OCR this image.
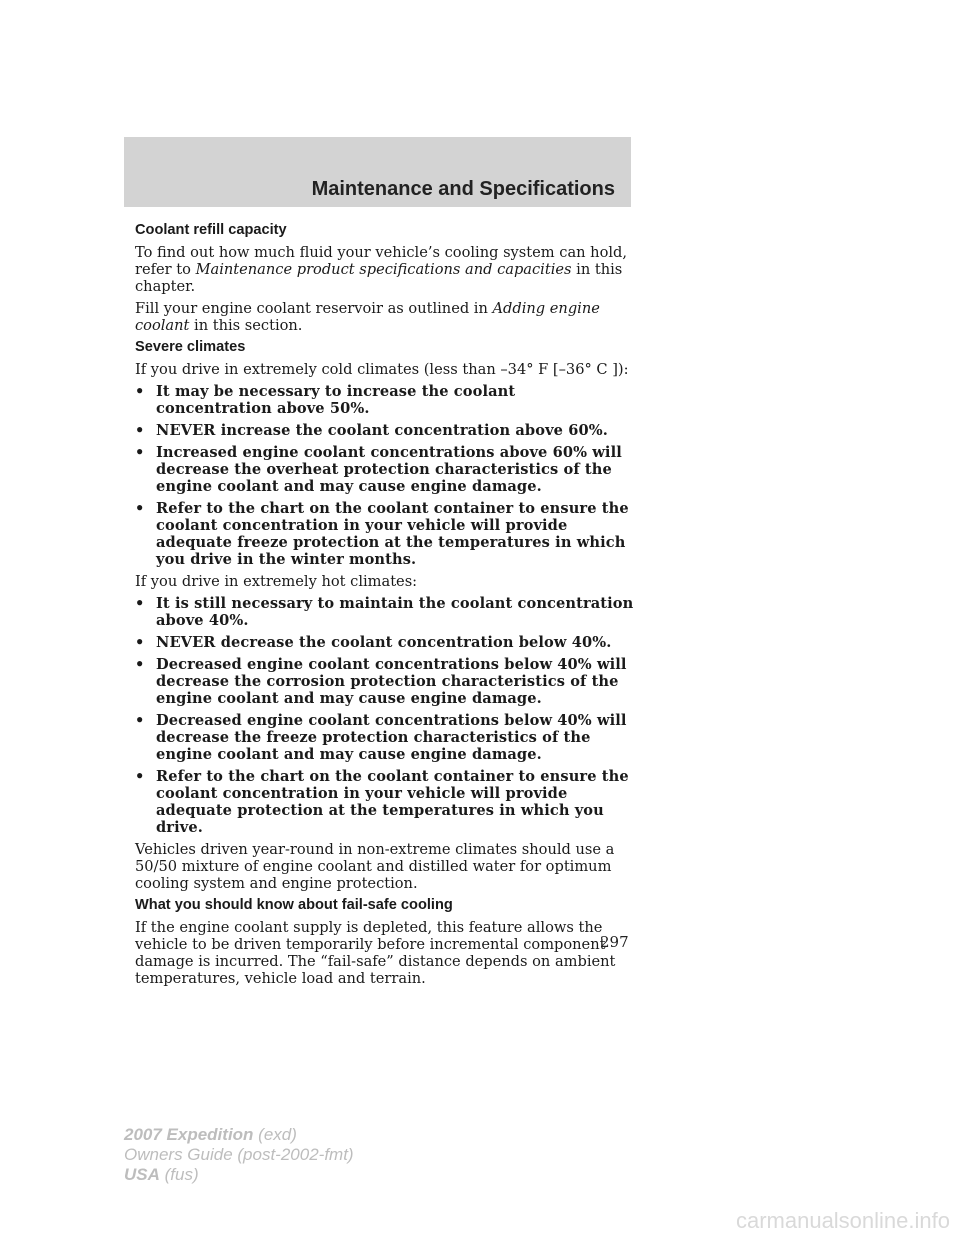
Maintenance and Specifications
Coolant refill capacity
To find out how much fluid your vehicle’s cooling system can hold, refer to Maintenance product specifications and capacities in this chapter.
Fill your engine coolant reservoir as outlined in Adding engine coolant in this section.
Severe climates
If you drive in extremely cold climates (less than –34° F [–36° C ]):
• It may be necessary to increase the coolant concentration above 50%.
• NEVER increase the coolant concentration above 60%.
• Increased engine coolant concentrations above 60% will decrease the overheat protection characteristics of the engine coolant and may cause engine damage.
• Refer to the chart on the coolant container to ensure the coolant concentration in your vehicle will provide adequate freeze protection at the temperatures in which you drive in the winter months.
If you drive in extremely hot climates:
• It is still necessary to maintain the coolant concentration above 40%.
• NEVER decrease the coolant concentration below 40%.
• Decreased engine coolant concentrations below 40% will decrease the corrosion protection characteristics of the engine coolant and may cause engine damage.
• Decreased engine coolant concentrations below 40% will decrease the freeze protection characteristics of the engine coolant and may cause engine damage.
• Refer to the chart on the coolant container to ensure the coolant concentration in your vehicle will provide adequate protection at the temperatures in which you drive.
Vehicles driven year-round in non-extreme climates should use a 50/50 mixture of engine coolant and distilled water for optimum cooling system and engine protection.
What you should know about fail-safe cooling
If the engine coolant supply is depleted, this feature allows the vehicle to be driven temporarily before incremental component damage is incurred. The “fail-safe” distance depends on ambient temperatures, vehicle load and terrain.
297
2007 Expedition (exd)
Owners Guide (post-2002-fmt)
USA (fus)
carmanualsonline.info
